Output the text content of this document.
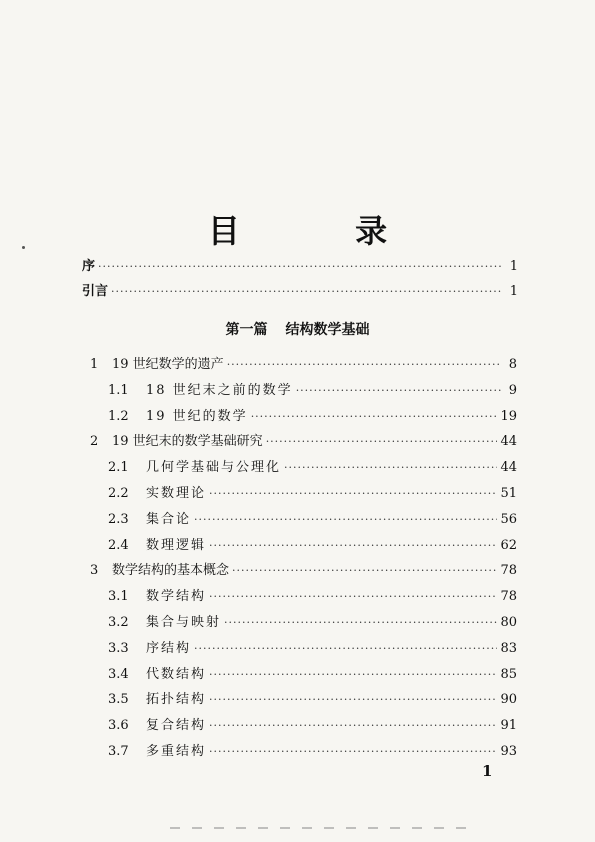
目 录
序 ·····	1
引言 ·····	1
第一篇 结构数学基础
1	19 世纪数学的遗产 ·····	8
1.1	18 世纪末之前的数学 ·····	9
1.2	19 世纪的数学 ·····	19
2	19 世纪末的数学基础研究 ·····	44
2.1	几何学基础与公理化 ·····	44
2.2	实数理论 ·····	51
2.3	集合论 ·····	56
2.4	数理逻辑 ·····	62
3	数学结构的基本概念 ·····	78
3.1	数学结构 ·····	78
3.2	集合与映射 ·····	80
3.3	序结构 ·····	83
3.4	代数结构 ·····	85
3.5	拓扑结构 ·····	90
3.6	复合结构 ·····	91
3.7	多重结构 ·····	93
1
